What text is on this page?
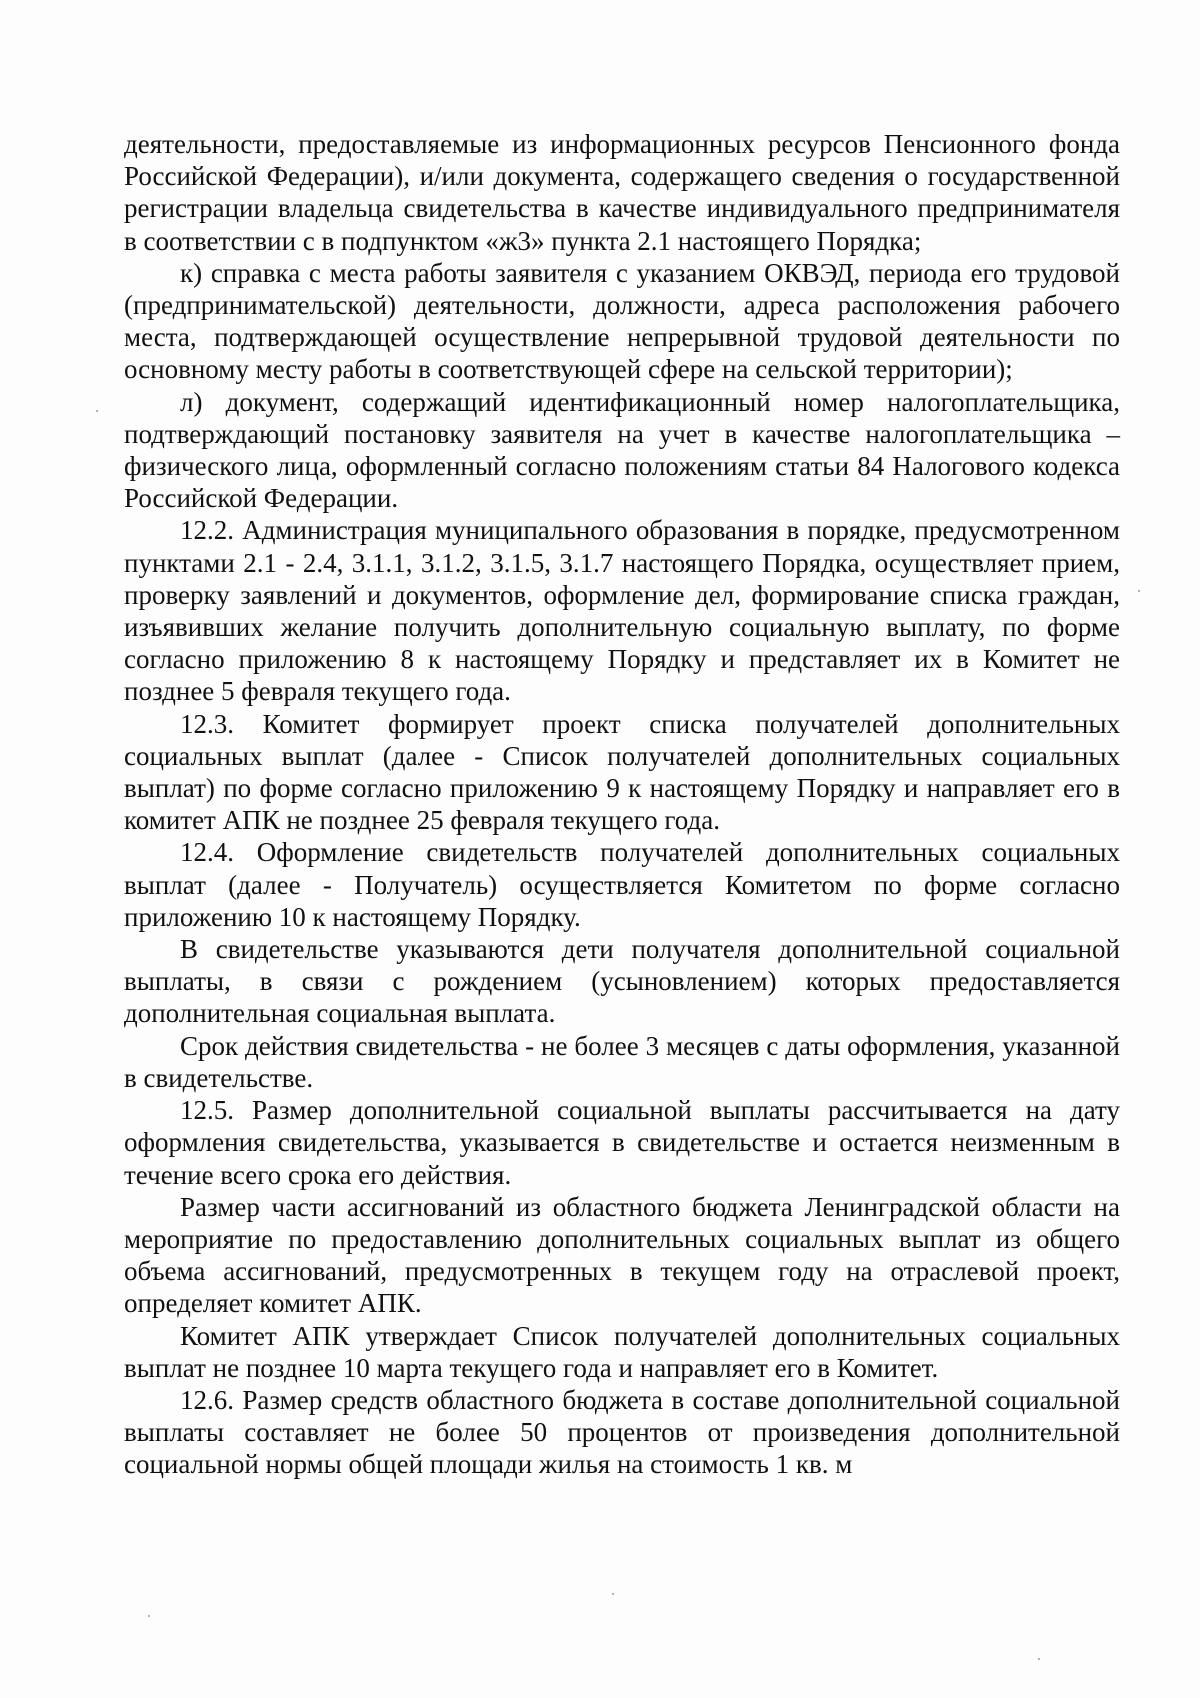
деятельности, предоставляемые из информационных ресурсов Пенсионного фонда Российской Федерации), и/или документа, содержащего сведения о государственной регистрации владельца свидетельства в качестве индивидуального предпринимателя в соответствии с в подпунктом «ж3» пункта 2.1 настоящего Порядка;

к) справка с места работы заявителя с указанием ОКВЭД, периода его трудовой (предпринимательской) деятельности, должности, адреса расположения рабочего места, подтверждающей осуществление непрерывной трудовой деятельности по основному месту работы в соответствующей сфере на сельской территории);

л) документ, содержащий идентификационный номер налогоплательщика, подтверждающий постановку заявителя на учет в качестве налогоплательщика – физического лица, оформленный согласно положениям статьи 84 Налогового кодекса Российской Федерации.

12.2. Администрация муниципального образования в порядке, предусмотренном пунктами 2.1 - 2.4, 3.1.1, 3.1.2, 3.1.5, 3.1.7 настоящего Порядка, осуществляет прием, проверку заявлений и документов, оформление дел, формирование списка граждан, изъявивших желание получить дополнительную социальную выплату, по форме согласно приложению 8 к настоящему Порядку и представляет их в Комитет не позднее 5 февраля текущего года.

12.3. Комитет формирует проект списка получателей дополнительных социальных выплат (далее - Список получателей дополнительных социальных выплат) по форме согласно приложению 9 к настоящему Порядку и направляет его в комитет АПК не позднее 25 февраля текущего года.

12.4. Оформление свидетельств получателей дополнительных социальных выплат (далее - Получатель) осуществляется Комитетом по форме согласно приложению 10 к настоящему Порядку.

В свидетельстве указываются дети получателя дополнительной социальной выплаты, в связи с рождением (усыновлением) которых предоставляется дополнительная социальная выплата.

Срок действия свидетельства - не более 3 месяцев с даты оформления, указанной в свидетельстве.

12.5. Размер дополнительной социальной выплаты рассчитывается на дату оформления свидетельства, указывается в свидетельстве и остается неизменным в течение всего срока его действия.

Размер части ассигнований из областного бюджета Ленинградской области на мероприятие по предоставлению дополнительных социальных выплат из общего объема ассигнований, предусмотренных в текущем году на отраслевой проект, определяет комитет АПК.

Комитет АПК утверждает Список получателей дополнительных социальных выплат не позднее 10 марта текущего года и направляет его в Комитет.

12.6. Размер средств областного бюджета в составе дополнительной социальной выплаты составляет не более 50 процентов от произведения дополнительной социальной нормы общей площади жилья на стоимость 1 кв. м
